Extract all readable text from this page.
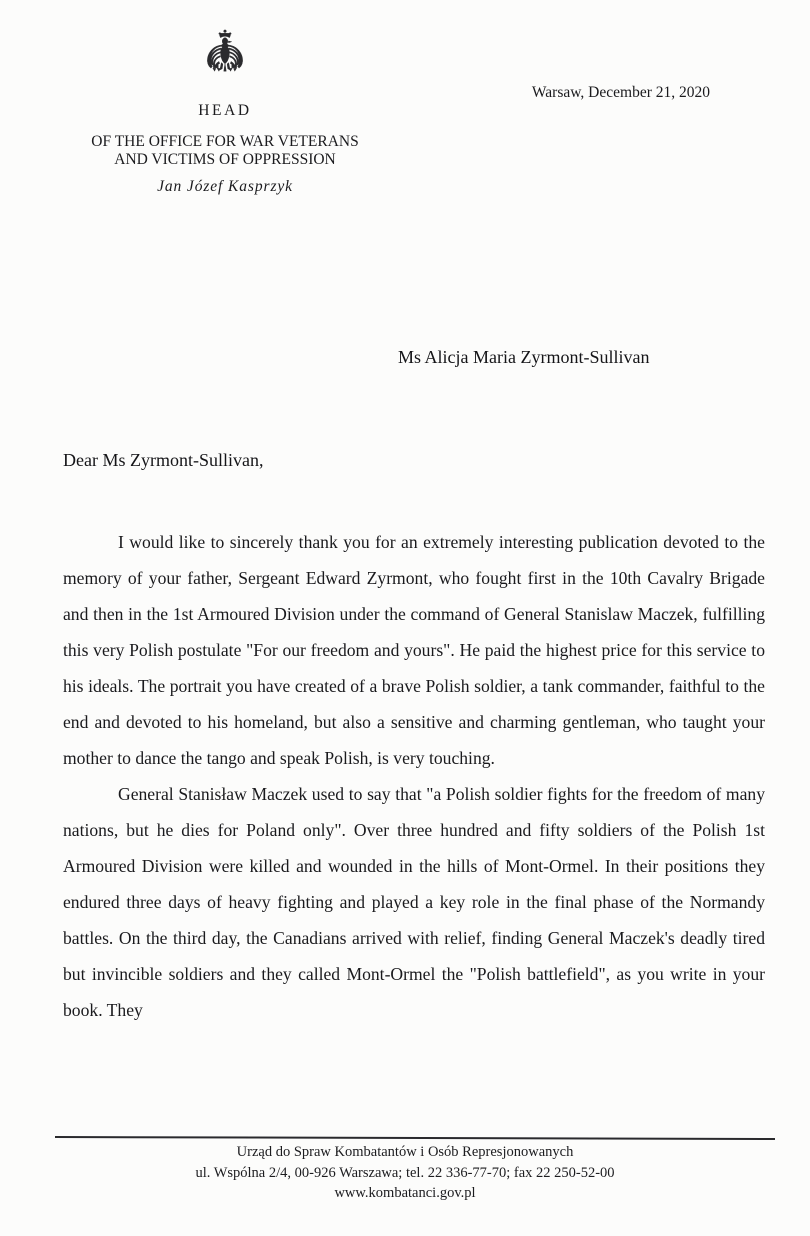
HEAD

OF THE OFFICE FOR WAR VETERANS
AND VICTIMS OF OPPRESSION

Jan Józef Kasprzyk

Warsaw, December 21, 2020
Ms Alicja Maria Zyrmont-Sullivan
Dear Ms Zyrmont-Sullivan,

I would like to sincerely thank you for an extremely interesting publication devoted to the memory of your father, Sergeant Edward Zyrmont, who fought first in the 10th Cavalry Brigade and then in the 1st Armoured Division under the command of General Stanislaw Maczek, fulfilling this very Polish postulate "For our freedom and yours". He paid the highest price for this service to his ideals. The portrait you have created of a brave Polish soldier, a tank commander, faithful to the end and devoted to his homeland, but also a sensitive and charming gentleman, who taught your mother to dance the tango and speak Polish, is very touching.

General Stanisław Maczek used to say that "a Polish soldier fights for the freedom of many nations, but he dies for Poland only". Over three hundred and fifty soldiers of the Polish 1st Armoured Division were killed and wounded in the hills of Mont-Ormel. In their positions they endured three days of heavy fighting and played a key role in the final phase of the Normandy battles. On the third day, the Canadians arrived with relief, finding General Maczek's deadly tired but invincible soldiers and they called Mont-Ormel the "Polish battlefield", as you write in your book. They

Urząd do Spraw Kombatantów i Osób Represjonowanych
ul. Wspólna 2/4, 00-926 Warszawa; tel. 22 336-77-70; fax 22 250-52-00
www.kombatanci.gov.pl
